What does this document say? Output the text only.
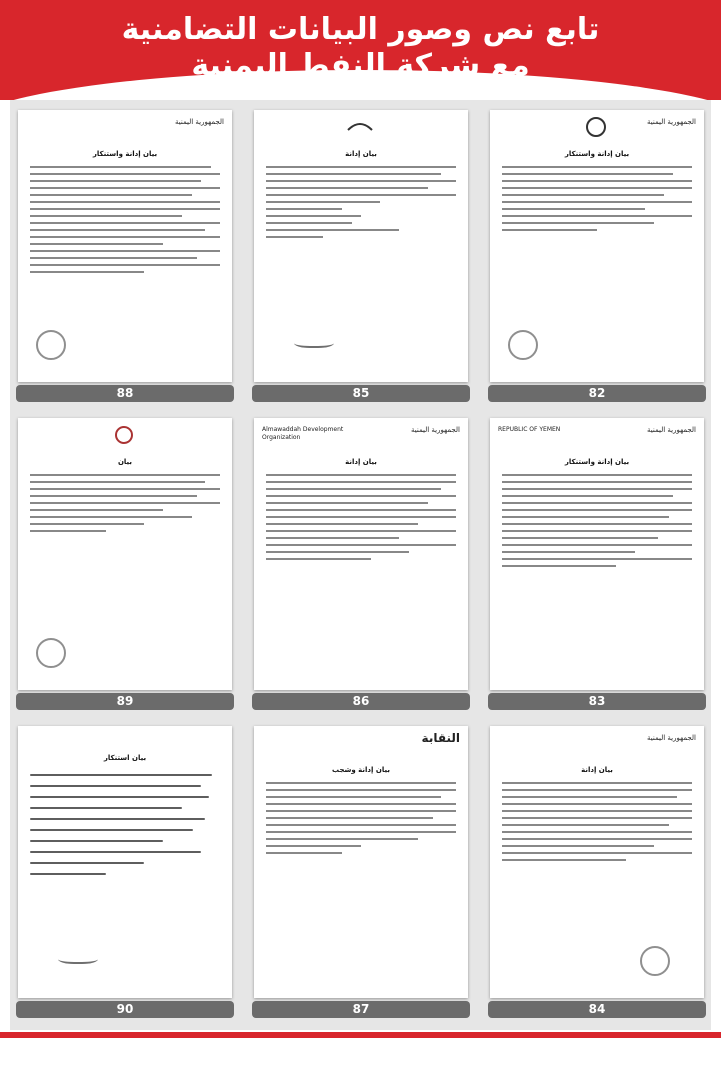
تابع نص وصور البيانات التضامنية
مع شركة النفط اليمنية
الجمهورية اليمنية
بيان إدانة واستنكار
88
بيان إدانة
85
الجمهورية اليمنية
بيان إدانة واستنكار
82
بيان
89
Almawaddah Development Organization
الجمهورية اليمنية
بيان إدانة
86
REPUBLIC OF YEMEN	الجمهورية اليمنية
بيان إدانة واستنكار
83
بيان استنكار
90
النقابة
بيان إدانة وشجب
87
الجمهورية اليمنية
بيان إدانة
84
